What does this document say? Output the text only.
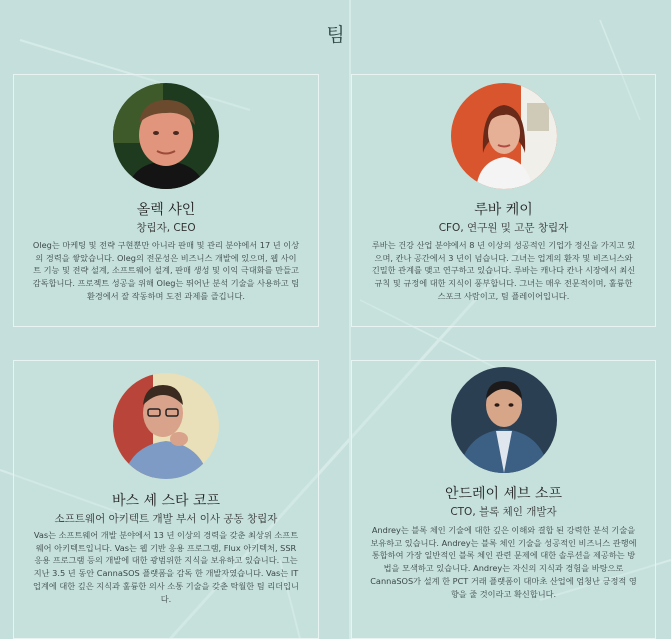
팀
올렉 샤인
창립자, CEO
Oleg는 마케팅 및 전략 구현뿐만 아니라 판매 및 관리 분야에서 17 년 이상의 경력을 쌓았습니다. Oleg의 전문성은 비즈니스 개발에 있으며, 웹 사이트 기능 및 전략 설계, 소프트웨어 설계, 판매 생성 및 이익 극대화를 만들고 감독합니다. 프로젝트 성공을 위해 Oleg는 뛰어난 분석 기술을 사용하고 팀 환경에서 잘 작동하며 도전 과제를 즐깁니다.
루바 케이
CFO, 연구원 및 고문 창립자
루바는 건강 산업 분야에서 8 년 이상의 성공적인 기업가 정신을 가지고 있으며, 칸나 공간에서 3 년이 넘습니다. 그녀는 업계의 환자 및 비즈니스와 긴밀한 관계를 맺고 연구하고 있습니다. 루바는 캐나다 칸나 시장에서 최신 규칙 및 규정에 대한 지식이 풍부합니다. 그녀는 매우 전문적이며, 훌륭한 스포크 사람이고, 팀 플레이어입니다.
바스 셰 스타 코프
소프트웨어 아키텍트 개발 부서 이사 공동 창립자
Vas는 소프트웨어 개발 분야에서 13 년 이상의 경력을 갖춘 최상위 소프트웨어 아키텍트입니다. Vas는 웹 기반 응용 프로그램, Flux 아키텍처, SSR 응용 프로그램 등의 개발에 대한 광범위한 지식을 보유하고 있습니다. 그는 지난 3.5 년 동안 CannaSOS 플랫폼을 감독 한 개발자였습니다. Vas는 IT 업계에 대한 깊은 지식과 훌륭한 의사 소통 기술을 갖춘 탁월한 팀 리더입니다.
안드레이 셰브 소프
CTO, 블록 체인 개발자
Andrey는 블록 체인 기술에 대한 깊은 이해와 결합 된 강력한 분석 기술을 보유하고 있습니다. Andrey는 블록 체인 기술을 성공적인 비즈니스 관행에 통합하여 가장 일반적인 블록 체인 관련 문제에 대한 솔루션을 제공하는 방법을 모색하고 있습니다. Andrey는 자신의 지식과 경험을 바탕으로 CannaSOS가 설계 한 PCT 거래 플랫폼이 대마초 산업에 엄청난 긍정적 영향을 줄 것이라고 확신합니다.
